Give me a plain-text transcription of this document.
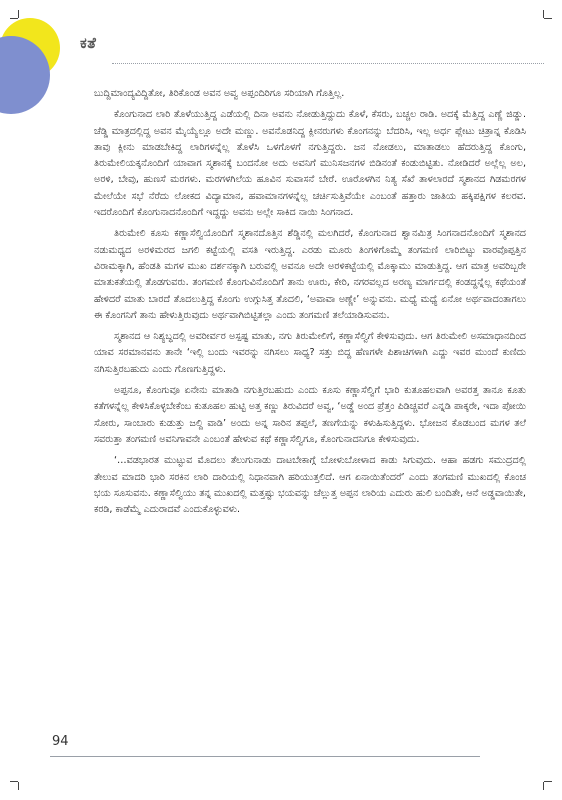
ಕತೆ

ಬುದ್ದಿಮಾಂದ್ಯವಿದ್ದಿತೋ, ತಿರಿಕೊಂಡ ಅವನ ಅವ್ವ ಅಪ್ಪಂದಿರಿಗೂ ಸರಿಯಾಗಿ ಗೊತ್ತಿಲ್ಲ.

ಕೊಂಗುನಾದ ಲಾರಿ ತೊಳೆಯುತ್ತಿದ್ದ ಎಡೆಯಲ್ಲಿ ದಿನಾ ಅವನು ನೋಡುತ್ತಿದ್ದುದು ಕೊಳೆ, ಕೆಸರು, ಬಚ್ಚಲ ರಾಡಿ. ಅದಕ್ಕೆ ಮೆತ್ತಿದ್ದ ಎಣ್ಣೆ ಜಿಡ್ಡು. ಚೆಡ್ಡಿ ಮಾತ್ರದಲ್ಲಿದ್ದ ಅವನ ಮೈಯ್ಯೆಲ್ಲೂ ಅದೇ ಮಣ್ಣು. ಅವನೊಡನಿದ್ದ ಕ್ಲೀನರುಗಳು ಕೊಂಗನನ್ನು ಬೆದರಿಸಿ, ಇಲ್ಲ ಅರ್ಧ ಪ್ಲೇಟು ಚಿತ್ರಾನ್ನ ಕೊಡಿಸಿ ತಾವು ಕ್ಲೀನು ಮಾಡಬೇಕಿದ್ದ ಲಾರಿಗಳನ್ನೆಲ್ಲ ತೊಳೆಸಿ ಒಳಗೊಳಗೆ ನಗುತ್ತಿದ್ದರು. ಜನ ನೋಡಲು, ಮಾತಾಡಲು ಹೆದರುತ್ತಿದ್ದ ಕೊಂಗು, ತಿರುಮೇಲಿಯಕ್ಕನೊಂದಿಗೆ ಯಾವಾಗ ಸ್ಮಶಾನಕ್ಕೆ ಬಂದನೋ ಅದು ಅವನಿಗೆ ಮುನಿಸಜನಗಳ ಬಿಡಿನಂತೆ ಕಂಡುಬಿಟ್ಟಿತು. ನೋಡಿದರೆ ಅಲ್ಲೆಲ್ಲ ಅಲ, ಅರಳಿ, ಬೇವು, ಹುಣಸೆ ಮರಗಳು. ಮರಗಳಗಿಲೆಯ ಹೂವಿನ ಸುವಾಸನೆ ಬೇರೆ. ಊರೊಳಗಿನ ನಿತ್ಯ ಸೆಖೆ ತಾಳಲಾರದೆ ಸ್ಮಶಾನದ ಗಿಡಮರಗಳ ಮೇಲೆಯೇ ಸಭೆ ನೆರೆದು ಲೋಕದ ವಿದ್ಯಾಮಾನ, ಹವಾಮಾನಗಳನ್ನೆಲ್ಲ ಚರ್ಚಿಸುತ್ತಿವೆಯೇ ಎಂಬಂತೆ ಹತ್ತಾರು ಜಾತಿಯ ಹಕ್ಕಿಪಕ್ಷಿಗಳ ಕಲರವ. ಇದರೊಂದಿಗೆ ಕೊಂಗುನಾದನೊಂದಿಗೆ ಇದ್ದದ್ದು ಅವನು ಅಲ್ಲೇ ಸಾಕಿದ ನಾಯಿ ಸಿಂಗನಾದ.

ತಿರುಮೇಲಿ ಕೂಸು ಕಣ್ಣಾಸೆಲ್ವಿಯೊಂದಿಗೆ ಸ್ಮಶಾನದೊತ್ತಿನ ಶೆಡ್ಡಿನಲ್ಲಿ ಮಲಗಿದರೆ, ಕೊಂಗುನಾದ ಶ್ವಾನಮಿತ್ರ ಸಿಂಗನಾದನೊಂದಿಗೆ ಸ್ಮಶಾನದ ನಡುಮಧ್ಯದ ಅರಳಿಮರದ ಜಗಲಿ ಕಟ್ಟೆಯಲ್ಲಿ ವಸತಿ ಇರುತ್ತಿದ್ದ. ಎರಡು ಮೂರು ತಿಂಗಳಿಗೊಮ್ಮೆ ತಂಗಮಣಿ ಲಾರಿಬಿಟ್ಟು ವಾರವೊಪ್ಪತ್ತಿನ ವಿರಾಮಕ್ಕಾಗಿ, ಹೆಂಡತಿ ಮಗಳ ಮುಖ ದರ್ಶನಕ್ಕಾಗಿ ಬರುವಲ್ಲಿ ಅವನೂ ಅದೇ ಅರಳಿಕಟ್ಟೆಯಲ್ಲಿ ಮೊಕ್ಕಾಮು ಮಾಡುತ್ತಿದ್ದ. ಆಗ ಮಾತ್ರ ಅವರಿಬ್ಬರೇ ಮಾತುಕತೆಯಲ್ಲಿ ತೊಡಗುವರು. ತಂಗಮಣಿ ಕೊಂಗುವಿನೊಂದಿಗೆ ತಾನು ಊರು, ಕೇರಿ, ನಗರವಲ್ಲದ ಅರಣ್ಯ ಮಾರ್ಗದಲ್ಲಿ ಕಂಡದ್ದನ್ನೆಲ್ಲ ಕಥೆಯಂತೆ ಹೇಳಿದರೆ ಮಾತು ಬಾರದೆ ತೊದಲುತ್ತಿದ್ದ ಕೊಂಗು ಉಗ್ಗುಸಿತ್ತ ತೊದಲಿ, ‘ಅವಾವಾ ಅಣ್ಣೇ’ ಅನ್ನುವನು. ಮಧ್ಯೆ ಮಧ್ಯೆ ಏನೋ ಅರ್ಥವಾದಂತಾಗಲು ಈ ಕೊಂಗನಿಗೆ ತಾನು ಹೇಳುತ್ತಿರುವುದು ಅರ್ಥವಾಗಿಬಿಟ್ಟಿತಲ್ಲಾ ಎಂದು ತಂಗಮಣಿ ತಲೆಯಾಡಿಸುವನು.

ಸ್ಮಶಾನದ ಆ ನಿಶ್ಯಬ್ಧದಲ್ಲಿ ಅವರೀರ್ವರ ಅಸ್ಪಷ್ಟ ಮಾತು, ನಗು ತಿರುಮೇಲಿಗೆ, ಕಣ್ಣಾಸೆಲ್ವಿಗೆ ಕೇಳಿಸುವುದು. ಆಗ ತಿರುಮೇಲಿ ಅಸಮಾಧಾನದಿಂದ ಯಾವ ಸರಮಾನವನು ತಾನೇ ‘ಇಲ್ಲಿ ಬಂದು ಇವರನ್ನು ನಗಿಸಲು ಸಾಧ್ಯ? ಸತ್ತು ಬಿದ್ದ ಹೆಣಗಳೇ ಪಿಶಾಚಿಗಳಾಗಿ ಎದ್ದು ಇವರ ಮುಂದೆ ಕುಣಿದು ನಗಿಸುತ್ತಿರಬಹುದು ಎಂದು ಗೊಣಗುತ್ತಿದ್ದಳು.

ಅಪ್ಪನೂ, ಕೊಂಗುವೂ ಏನೇನು ಮಾತಾಡಿ ನಗುತ್ತಿರಬಹುದು ಎಂದು ಕೂಸು ಕಣ್ಣಾಸೆಲ್ವಿಗೆ ಭಾರಿ ಕುತೂಹಲವಾಗಿ ಅವರತ್ತ ತಾನೂ ಕೂತು ಕತೆಗಳನ್ನೆಲ್ಲ ಕೇಳಿಸಿಕೊಳ್ಳಬೇಕೆಂಬ ಕುತೂಹಲ ಹುಟ್ಟಿ ಅತ್ತ ಕಣ್ಣು ತಿರುವಿದರೆ ಅವ್ವ, ‘ಅಡ್ಡೆ ಅಂದ ಪ್ರೆತ್ತಂ ಪಿಡಿಚ್ಚವರೆ ಎನ್ನಡಿ ಪಾಕ್ಕರೇ, ಇದಾ ಪೋಯಿ ಸೋರು, ಸಾಂಬಾರು ಕುಡುತ್ತು ಜಲ್ದಿ ವಾಡಿ’ ಅಂದು ಅನ್ನ ಸಾರಿನ ತಪ್ಪಲೆ, ತಣಗೆಯನ್ನು ಕಳುಹಿಸುತ್ತಿದ್ದಳು. ಭೋಜನ ಕೊಡಬಂದ ಮಗಳ ತಲೆ ಸವರುತ್ತಾ ತಂಗಮಣಿ ಅವನಿಗಾವನೇ ಎಂಬಂತೆ ಹೇಳುವ ಕಥೆ ಕಣ್ಣಾಸೆಲ್ವಿಗೂ, ಕೊಂಗುನಾದನಿಗೂ ಕೇಳಿಸುವುದು.

‘…ವಡಭಾರತ ಮುಟ್ಟುವ ಮೊದಲು ತೆಲುಗುನಾಡು ದಾಟಬೇಕಾಗ್ಗೆ ಬೋಳುಬೋಳಾದ ಕಾಡು ಸಿಗುವುದು. ಆಹಾ ಹಡಗು ಸಮುದ್ರದಲ್ಲಿ ತೇಲುವ ಮಾದರಿ ಭಾರಿ ಸರಕಿನ ಲಾರಿ ದಾರಿಯಲ್ಲಿ ನಿಧಾನವಾಗಿ ಹರಿಯುತ್ತಲಿದೆ. ಆಗ ಏನಾಯಿತೆಂದರೆ’ ಎಂದು ತಂಗಮಣಿ ಮುಖದಲ್ಲಿ ಕೊಂಚ ಭಯ ಸೂಸುವನು. ಕಣ್ಣಾಸೆಲ್ವಿಯು ತನ್ನ ಮುಖದಲ್ಲಿ ಮತ್ತಷ್ಟು ಭಯವನ್ನು ಚೆಲ್ಲುತ್ತ ಅಪ್ಪನ ಲಾರಿಯ ಎದುರು ಹುಲಿ ಬಂದಿತೇ, ಆನೆ ಅಡ್ಡವಾಯಿತೇ, ಕರಡಿ, ಕಾಡೆಮ್ಮೆ ಎದುರಾದವೆ ಎಂದುಕೊಳ್ಳುವಳು.

94
